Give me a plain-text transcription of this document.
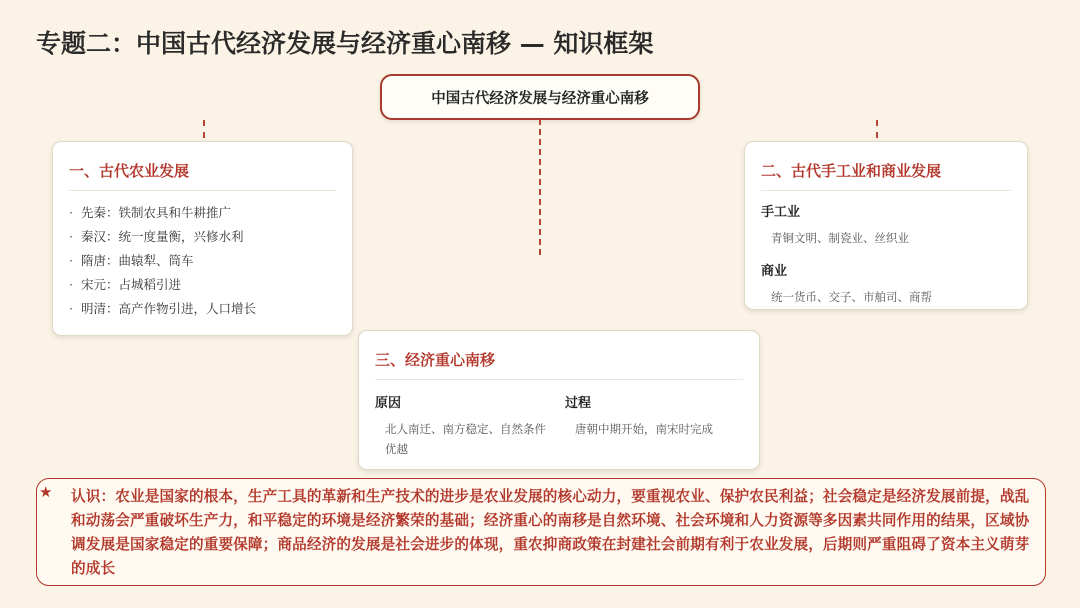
专题二：中国古代经济发展与经济重心南移 — 知识框架
中国古代经济发展与经济重心南移
一、古代农业发展
· 先秦：铁制农具和牛耕推广
· 秦汉：统一度量衡，兴修水利
· 隋唐：曲辕犁、筒车
· 宋元：占城稻引进
· 明清：高产作物引进，人口增长
二、古代手工业和商业发展
手工业
青铜文明、制瓷业、丝织业
商业
统一货币、交子、市舶司、商帮
三、经济重心南移
原因
北人南迁、南方稳定、自然条件优越
过程
唐朝中期开始，南宋时完成
★ 认识：农业是国家的根本，生产工具的革新和生产技术的进步是农业发展的核心动力，要重视农业、保护农民利益；社会稳定是经济发展前提，战乱和动荡会严重破坏生产力，和平稳定的环境是经济繁荣的基础；经济重心的南移是自然环境、社会环境和人力资源等多因素共同作用的结果，区域协调发展是国家稳定的重要保障；商品经济的发展是社会进步的体现，重农抑商政策在封建社会前期有利于农业发展，后期则严重阻碍了资本主义萌芽的成长
